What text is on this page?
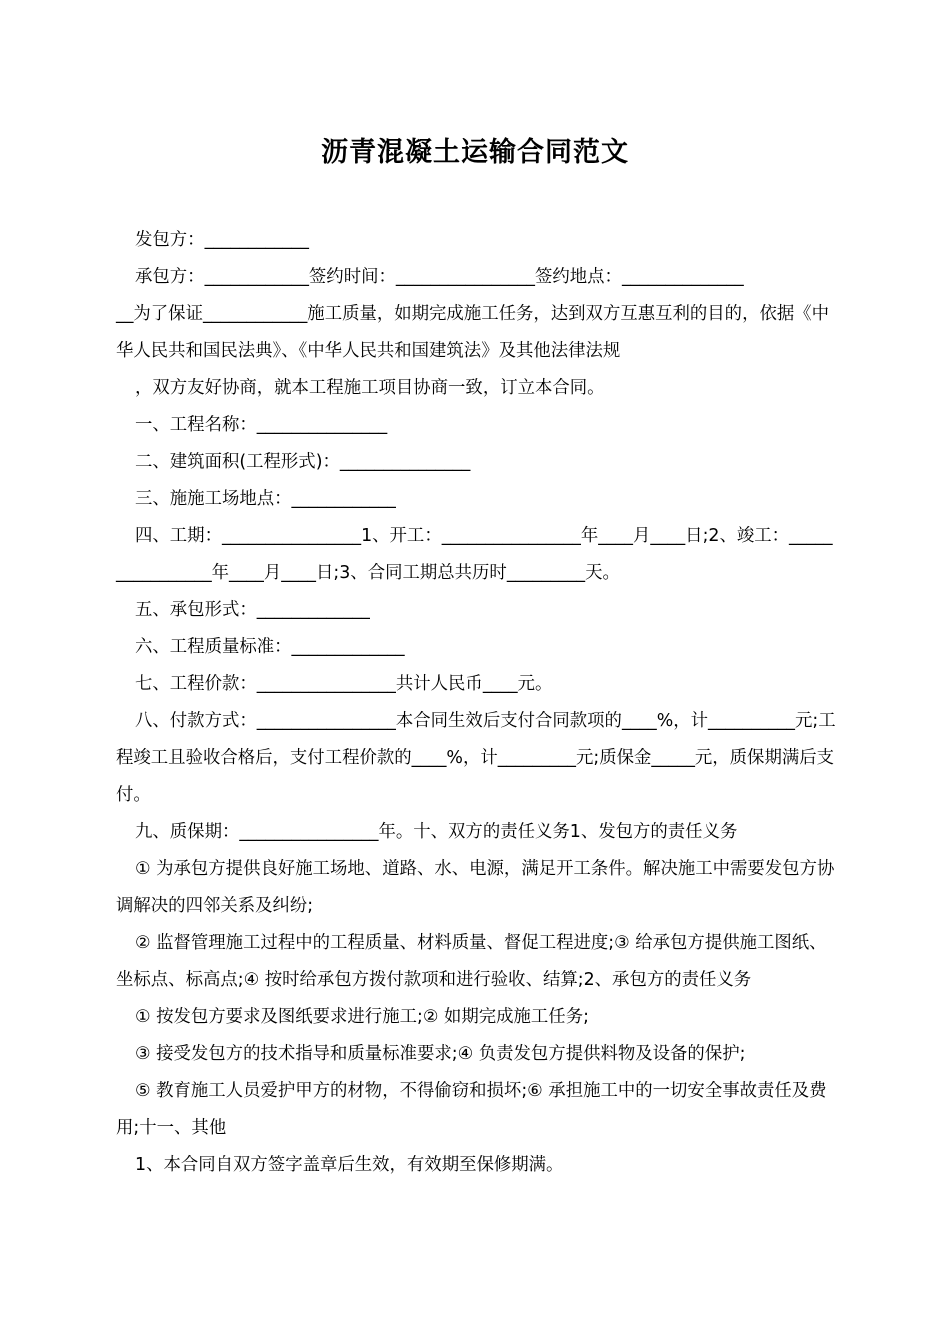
沥青混凝土运输合同范文

发包方：____________

承包方：____________签约时间：________________签约地点：______________

__为了保证____________施工质量，如期完成施工任务，达到双方互惠互利的目的，依据《中华人民共和国民法典》、《中华人民共和国建筑法》及其他法律法规

，双方友好协商，就本工程施工项目协商一致，订立本合同。

一、工程名称：_______________

二、建筑面积(工程形式)：_______________

三、施施工场地点：____________

四、工期：________________1、开工：________________年____月____日;2、竣工：________________年____月____日;3、合同工期总共历时_________天。

五、承包形式：_____________

六、工程质量标准：_____________

七、工程价款：________________共计人民币____元。

八、付款方式：________________本合同生效后支付合同款项的____%，计__________元;工程竣工且验收合格后，支付工程价款的____%，计_________元;质保金_____元，质保期满后支付。

九、质保期：________________年。十、双方的责任义务1、发包方的责任义务

① 为承包方提供良好施工场地、道路、水、电源，满足开工条件。解决施工中需要发包方协调解决的四邻关系及纠纷;

② 监督管理施工过程中的工程质量、材料质量、督促工程进度;③ 给承包方提供施工图纸、坐标点、标高点;④ 按时给承包方拨付款项和进行验收、结算;2、承包方的责任义务

① 按发包方要求及图纸要求进行施工;② 如期完成施工任务;

③ 接受发包方的技术指导和质量标准要求;④ 负责发包方提供料物及设备的保护;

⑤ 教育施工人员爱护甲方的材物，不得偷窃和损坏;⑥ 承担施工中的一切安全事故责任及费用;十一、其他

1、本合同自双方签字盖章后生效，有效期至保修期满。
